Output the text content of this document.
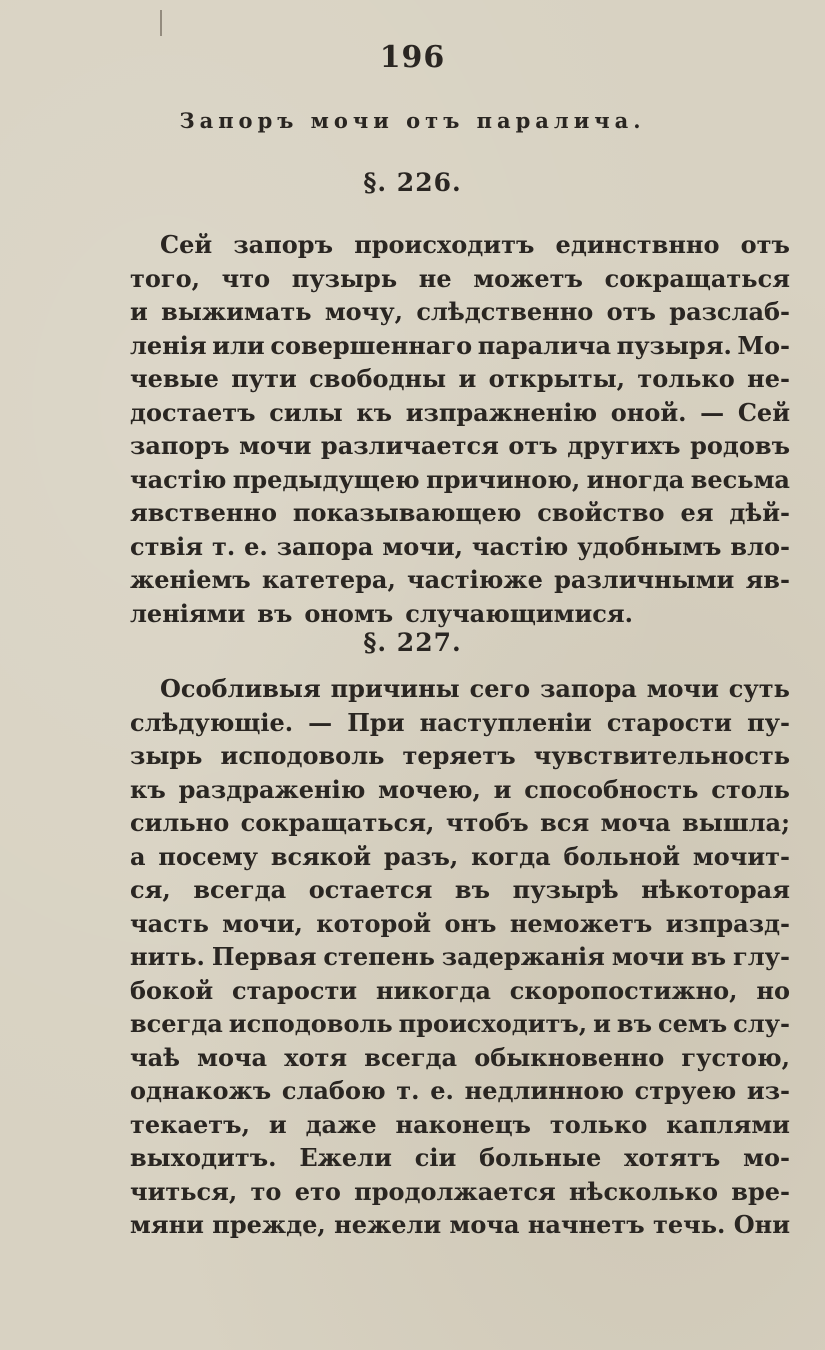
196
Запоръ мочи отъ паралича.
§. 226.
Сей запоръ происходитъ единствнно отъ
того, что пузырь не можетъ сокращаться
и выжимать мочу, слѣдственно отъ разслаб-
ленія или совершеннаго паралича пузыря. Мо-
чевые пути свободны и открыты, только не-
достаетъ силы къ изпражненію оной. — Сей
запоръ мочи различается отъ другихъ родовъ
частію предыдущею причиною, иногда весьма
явственно показывающею свойство ея дѣй-
ствія т. е. запора мочи, частію удобнымъ вло-
женіемъ катетера, частіюже различными яв-
леніями въ ономъ случающимися.
§. 227.
Особливыя причины сего запора мочи суть
слѣдующіе. — При наступленіи старости пу-
зырь исподоволь теряетъ чувствительность
къ раздраженію мочею, и способность столь
сильно сокращаться, чтобъ вся моча вышла;
а посему всякой разъ, когда больной мочит-
ся, всегда остается въ пузырѣ нѣкоторая
часть мочи, которой онъ неможетъ изпразд-
нить. Первая степень задержанія мочи въ глу-
бокой старости никогда скоропостижно, но
всегда исподоволь происходитъ, и въ семъ слу-
чаѣ моча хотя всегда обыкновенно густою,
однакожъ слабою т. е. недлинною струею из-
текаетъ, и даже наконецъ только каплями
выходитъ. Ежели сіи больные хотятъ мо-
читься, то ето продолжается нѣсколько вре-
мяни прежде, нежели моча начнетъ течь. Они
